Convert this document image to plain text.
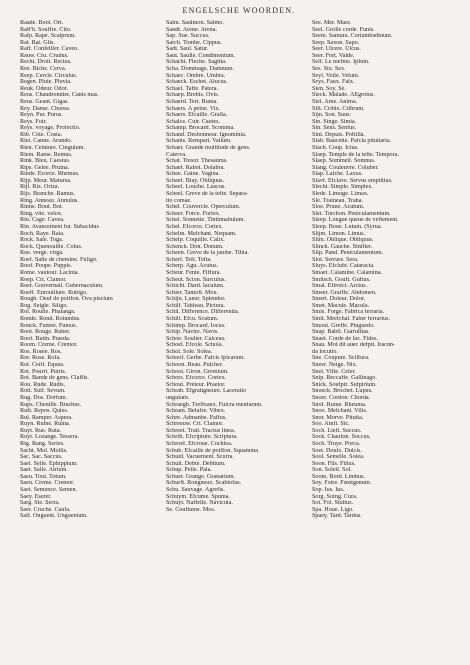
ENGELSCHE WOORDEN.
Raade. Bool. Ort.
Raff'h. Souffre. Cito.
Rafp. Rape. Scalprum.
Rat. Rat. Glis.
Raff. Confeiller. Caveo.
Rauw. Cru. Crudus.
Recht. Droit. Rectus.
Ree. Biche. Cerva.
Reep. Cercle. Circulus.
Regen. Pluie. Pluvia.
Reuk. Odeur. Odor.
Reus. Chaudronnier. Canis mas.
Reus. Geant. Gigas.
Rey. Danse. Chorea.
Reyn. Pur. Purus.
Reys. Foir.
Reys. voyage. Profectio.
Rib. Côte. Costa.
Riet. Canne. Arundo.
Rien. Ceinture. Cingulum.
Riem. Rame. Remus.
Rink. Bleu. Caesius.
Rips. Gelée. Pruina.
Rinde. Ecorce. Rhemus.
Rijp. Meur. Maturus.
Rijl. Riz. Oriza.
Rijs. Branche. Ramus.
Ring. Anneau. Annulus.
Rinne. Bout. Bot.
Ring. vite. velox.
Rin. Cage. Cavea.
Rin. Avancement fur. Subacidus
Roch. Raye. Raia.
Rock. Sale. Toga.
Rock. Quenouille. Colus.
Roe. verge. virga.
Roef. Salle de chemine. Fuligo.
Roof. Poupe. Puppis.
Rome. vautour. Lacinia.
Roep. Cri. Clamor.
Roer. Gouvernail. Gubernaculum.
Roeff. Enrouillure. Rubigo.
Rough. Oeuf de poiffon. Ova piscium
Rog. Seigle. Siligo.
Rol. Roulle. Phalanga.
Ronde. Rond. Rotundus.
Ronck. Fumée. Fumus.
Root. Rouge. Ruber.
Roof. Butin. Praeda.
Room. Creme. Cremor.
Ros. Rosée. Ros.
Ror. Rose. Rofa.
Rot. Cerif. Equus.
Rot. Pourri. Putris.
Rot. Bande de gens. Claffis.
Rou. Rude. Rudis.
Rott. Suif. Sevum.
Rug. Dos. Dorfum.
Rups. Chenille. Brachus.
Ruft. Repos. Quies.
Rul. Ramper. Aspera.
Ruyn. Ruine. Ruina.
Ruyt. Rue. Ruta.
Ruyt. Lozange. Tessera.
Rig. Rang. Series.
Sacht. Mol. Mollis.
Sac. Sac. Saccus.
Sael. Selle. Ephippium.
Saet. Salle. Atrium.
Saeu. Tout. Totum.
Saeu. Creme. Cremor.
Saet. Semence. Semen.
Saey. Eserer.
Sarg. Sie. Serra.
Saer. Cruche. Caufa.
Salf. Onguent. Unguentum.
Salm. Saulmon. Salmo.
Sandt. Arene. Arena.
Sap. Sue. Succus.
Sarch. Tombe. Cippus.
Sadt. Saul. Satur.
Saut. Saulle. Condimentum.
Schacht. Fleche. Sagitta.
Scha. Dommage. Damnum.
Schaec. Ombre. Umbra.
Schaeck. Eschet. Alucus.
Schael. Taffe. Patera.
Schaep. Brebis. Ovis.
Schaerd. Tert. Ruma.
Schaers. A peine. Vix.
Schaers. Efcaille. Gralla.
Schalce. Cuir. Cautes.
Schamp. Brocard. Scomma.
Schand. Deshonneur. Ignominia.
Schants. Rempart. Vallum.
Schaer. Grande multitude de gens.
Caterva.
Schat. Tresor. Thesaurus.
Schaef. Rabot. Dolabra.
Schee. Gaine. Vagina.
Scheef. Biay. Obliquus.
Scheel. Louche. Luscus.
Scheel. Greve de la tefte. Separa-
tio comae.
Schel. Couvercle. Operculum.
Scheer. Force. Forfex.
Schel. Sonnette. Tintinnabulum.
Schel. Efcorce. Cortex.
Schelm. Mefchant. Nequam.
Schelp. Coquille. Calix.
Schenck. Don. Donum.
Scheen. Greve de la jambe. Tibia.
Scherf. Teft. Tefta.
Scherp. Agu. Acutus.
Scheur. Fente. Fiffura.
Scheut. Scion. Surculus.
Schicht. Dard. Iaculum.
Schier. Tantoft. Mox.
Schijn. Lueur. Splendor.
Schilf. Tableau. Pictura.
Schil. Difference. Differentia.
Schilt. Efcu. Scutum.
Schimp. Brocard. Iocus.
Schip. Navire. Navis.
Schoe. Soulier. Calceus.
Schoel. Efcole. Schola.
Schol. Sole. Solea.
Schoof. Gerbe. Fafcis fpicarum.
Schoon. Beau. Pulcher.
Schoot. Giron. Gremium.
Schors. Efcorce. Cortex.
Schout. Preteur. Praetor.
Schrab. Efgratigneure. Laceratio
unguium.
Schraegh. Treffeaux. Fulcra menfarum.
Schram. Befafre. Vibex.
Schre. Admanbe. Paffus.
Schreeuw. Cri. Clamor.
Schreet. Trait. Tractus linea.
Schrift. Efcripture. Scriptura.
Schroef. Efcroue. Cochlea.
Schub. Efcaille de poiffon. Squamma
Schuld. Vacuement. Scurra.
Schult. Debte. Debitum.
Schup. Pelle. Pala.
Schuer. Grange. Granarium.
Schurft. Rongneux. Scabiofus.
Schu. Sauvage. Agrefis.
Schuym. Efcume. Spuma.
Schuyt. Naffelle. Navicula.
Se. Couftume. Mos.
See. Mer. Mare.
Seel. Grolle corde. Funis.
Seem. Samura. Coriumbadinum.
Seep. Saxon. Sapo.
Seer. Ulcere. Ulcus.
Seer. Fort. Valde.
Self. Le mefme. Ipfum.
Ses. Six. Sex.
Seyl. Voile. Velum.
Seys. Faux. Falx.
Sien. Soy. Se.
Sieck. Malade. AEgrotus.
Siel. Ame. Anima.
Sift. Crible. Cribrum.
Sijn. Son. Suus.
Sin. Singe. Simia.
Sin. Sens. Senfus.
Sint. Depuis. Poftilla.
Slab. Baucette. Pafcia pituitaria.
Slach. Coup. Ictus.
Slaep. Temple de la tefte. Tempora.
Slaep. Sommeil. Somnus.
Slang. Couleuvre. Coluber.
Slap. Lafche. Laxus.
Slavf. Efclave. Servus emptitius.
Slecht. Simple. Simplex.
Slede. Limoge. Limax.
Sle. Traineau. Traha.
Sloe. Prune. Acutum.
Slet. Torchon. Peniculamentum.
Sleep. Longue queue de veftement.
Sleep. Boue. Lutum. (Syrua.
Slijm. Limon. Limus.
Slim. Oblique. Obliquus.
Slinck. Gauche. Sinifter.
Slip. Pand. Peniculamentum.
Slot. Serrure. Sera.
Sluys. Efclufe. Cataracta.
Smaet. Calamine. Calamina.
Smitsch. Gouft. Guftus.
Smal. Eftroict. Arctus.
Smeer. Graiffe. Abdomen.
Smert. Doleur. Dolor.
Smet. Macule. Macula.
Smis. Forge. Fabrica ferraria.
Smit. Mrefchal. Faber ferrarius.
Smout. Greffe. Pinguedo.
Snap. Babil. Garrulitas.
Snaet. Corde de luc. Fides.
Snau. Mot dit auec defpit. Iracun-
da locutio.
Sne. Coupure. Scilfura.
Sneer. Neige. Nix.
Snel. Vifte. Celer.
Snip. Beccaffe. Gallinago.
Snick. Soufpir. Sufpirium.
Snoeck. Brochet. Lupus.
Snoer. Cordon. Chorda.
Snof. Rume. Rheuma.
Snoo. Mefchant. Vilis.
Snor. Morve. Pituita.
Soo. Ainfi. Sic.
Soch. Lieft. Succus.
Sock. Chaufon. Soccus.
Soch. Truye. Porca.
Soet. Doulx. Dulcis.
Sool. Semelle. Solea.
Soon. Fils. Filius.
Son. Soleil. Sol.
Soom. Bord. Limbus.
Soy. Foire. Fœnigenum.
Sop. Ius. Ius.
Sorg. Soing. Cura.
Sot. Fol. Stultus.
Spa. Houe. Ligo.
Spaey. Tard. Tardus.
